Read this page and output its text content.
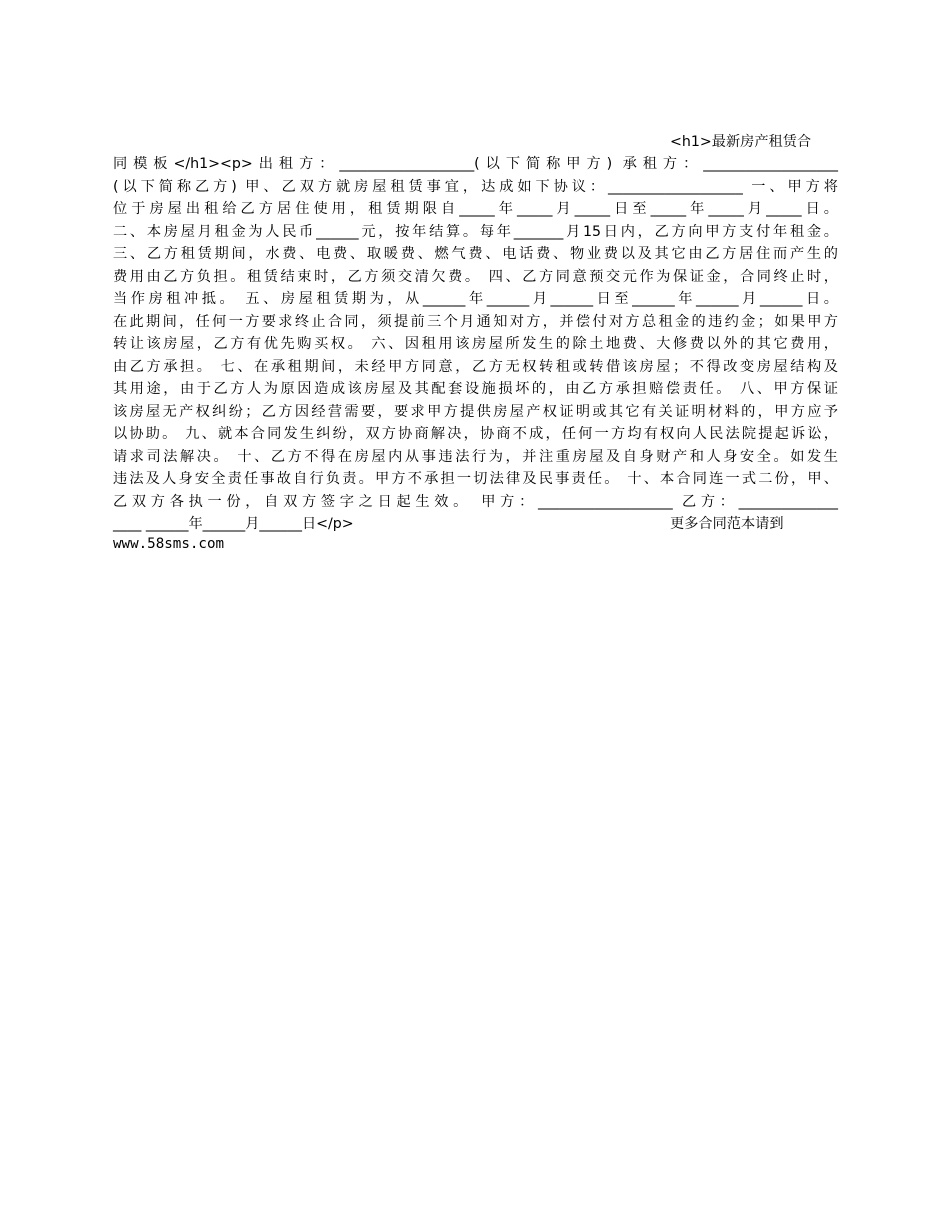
<h1>最新房产租赁合
同模板</h1><p>出租方：___________________(以下简称甲方) 承租方：___________________
(以下简称乙方) 甲、乙双方就房屋租赁事宜，达成如下协议：___________________ 一、甲方将
位于房屋出租给乙方居住使用，租赁期限自_____年_____月_____日至_____年_____月_____日。
二、本房屋月租金为人民币______元，按年结算。每年_______月15日内，乙方向甲方支付年租金。
三、乙方租赁期间，水费、电费、取暖费、燃气费、电话费、物业费以及其它由乙方居住而产生的
费用由乙方负担。租赁结束时，乙方须交清欠费。 四、乙方同意预交元作为保证金，合同终止时，
当作房租冲抵。 五、房屋租赁期为，从______年______月______日至______年______月______日。
在此期间，任何一方要求终止合同，须提前三个月通知对方，并偿付对方总租金的违约金；如果甲方
转让该房屋，乙方有优先购买权。 六、因租用该房屋所发生的除土地费、大修费以外的其它费用，
由乙方承担。 七、在承租期间，未经甲方同意，乙方无权转租或转借该房屋；不得改变房屋结构及
其用途，由于乙方人为原因造成该房屋及其配套设施损坏的，由乙方承担赔偿责任。 八、甲方保证
该房屋无产权纠纷；乙方因经营需要，要求甲方提供房屋产权证明或其它有关证明材料的，甲方应予
以协助。 九、就本合同发生纠纷，双方协商解决，协商不成，任何一方均有权向人民法院提起诉讼，
请求司法解决。 十、乙方不得在房屋内从事违法行为，并注重房屋及自身财产和人身安全。如发生
违法及人身安全责任事故自行负责。甲方不承担一切法律及民事责任。 十、本合同连一式二份，甲、
乙双方各执一份，自双方签字之日起生效。 甲方：___________________ 乙方：______________
____ ______年______月______日</p>	更多合同范本请到
www.58sms.com
